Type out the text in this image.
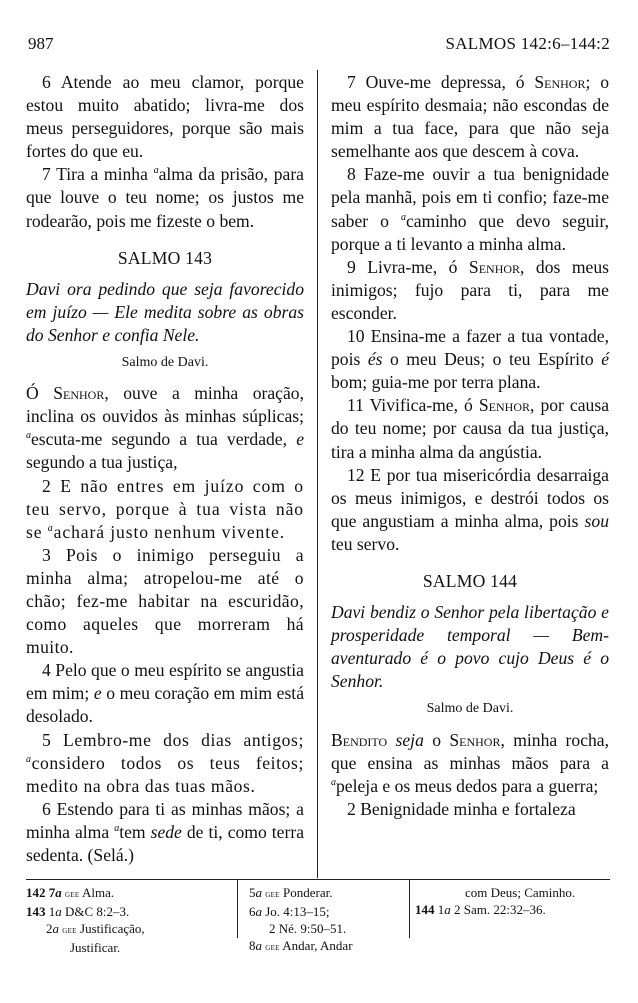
987	SALMOS 142:6–144:2

6 Atende ao meu clamor, porque estou muito abatido; livra-me dos meus perseguidores, porque são mais fortes do que eu.

7 Tira a minha $^a$alma da prisão, para que louve o teu nome; os justos me rodearão, pois me fizeste o bem.

SALMO 143

Davi ora pedindo que seja favorecido em juízo — Ele medita sobre as obras do Senhor e confia Nele.

Salmo de Davi.

Ó Senhor, ouve a minha oração, inclina os ouvidos às minhas súplicas; $^a$escuta-me segundo a tua verdade, e segundo a tua justiça,

2 E não entres em juízo com o teu servo, porque à tua vista não se $^a$achará justo nenhum vivente.

3 Pois o inimigo perseguiu a minha alma; atropelou-me até o chão; fez-me habitar na escuridão, como aqueles que morreram há muito.

4 Pelo que o meu espírito se angustia em mim; e o meu coração em mim está desolado.

5 Lembro-me dos dias antigos; $^a$considero todos os teus feitos; medito na obra das tuas mãos.

6 Estendo para ti as minhas mãos; a minha alma $^a$tem sede de ti, como terra sedenta. (Selá.)

7 Ouve-me depressa, ó Senhor; o meu espírito desmaia; não escondas de mim a tua face, para que não seja semelhante aos que descem à cova.

8 Faze-me ouvir a tua benignidade pela manhã, pois em ti confio; faze-me saber o $^a$caminho que devo seguir, porque a ti levanto a minha alma.

9 Livra-me, ó Senhor, dos meus inimigos; fujo para ti, para me esconder.

10 Ensina-me a fazer a tua vontade, pois és o meu Deus; o teu Espírito é bom; guia-me por terra plana.

11 Vivifica-me, ó Senhor, por causa do teu nome; por causa da tua justiça, tira a minha alma da angústia.

12 E por tua misericórdia desarraiga os meus inimigos, e destrói todos os que angustiam a minha alma, pois sou teu servo.

SALMO 144

Davi bendiz o Senhor pela libertação e prosperidade temporal — Bem-aventurado é o povo cujo Deus é o Senhor.

Salmo de Davi.

Bendito seja o Senhor, minha rocha, que ensina as minhas mãos para a $^a$peleja e os meus dedos para a guerra;

2 Benignidade minha e fortaleza

142 7a gee Alma.
143 1a D&C 8:2–3.
2a gee Justificação,
Justificar.
5a gee Ponderar.
6a Jo. 4:13–15;
2 Né. 9:50–51.
8a gee Andar, Andar
com Deus; Caminho.
144 1a 2 Sam. 22:32–36.
